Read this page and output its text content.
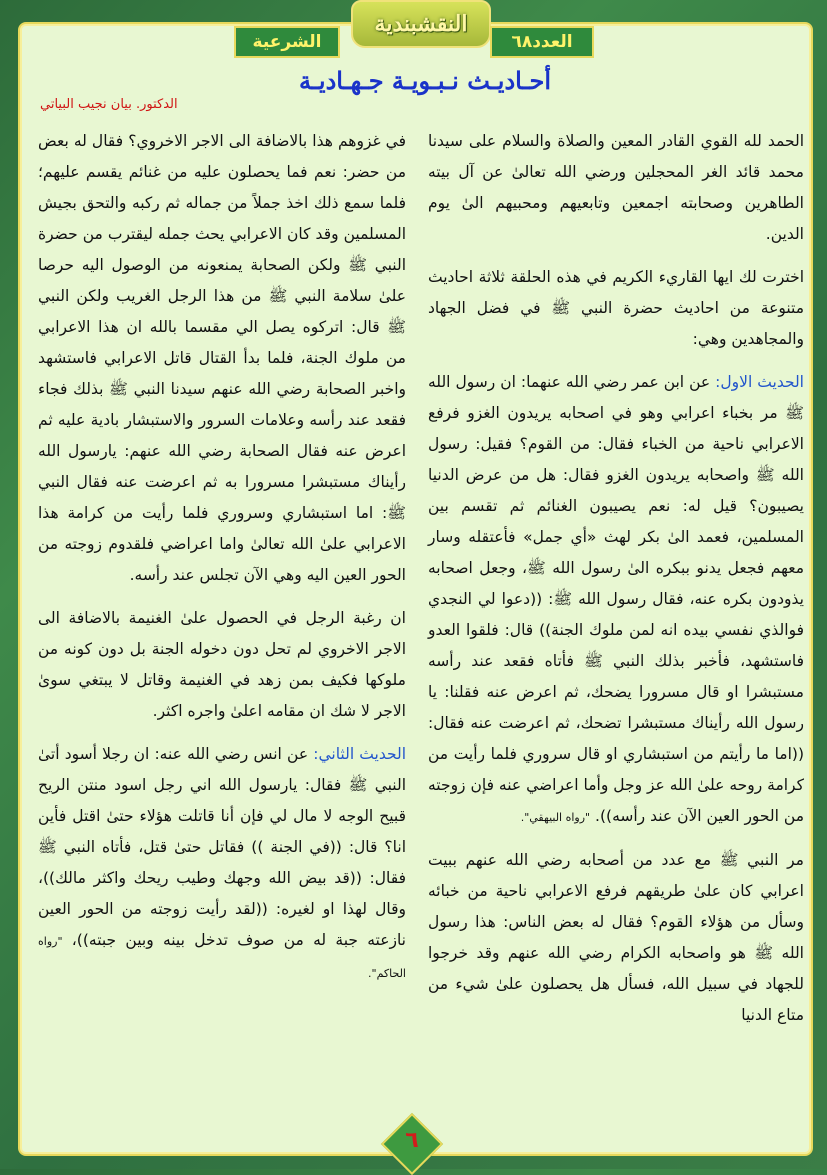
النقشبندية
الشرعية	العدد٦٨
أحـاديـث نـبـويـة جـهـاديـة
الدكتور. بيان نجيب البياتي

الحمد لله القوي القادر المعين والصلاة والسلام على سيدنا محمد قائد الغر المحجلين ورضي الله تعالىٰ عن آل بيته الطاهرين وصحابته اجمعين وتابعيهم ومحبيهم الىٰ يوم الدين.

اخترت لك ايها القاريء الكريم في هذه الحلقة ثلاثة احاديث متنوعة من احاديث حضرة النبي ﷺ في فضل الجهاد والمجاهدين وهي:

الحديث الاول: عن ابن عمر رضي الله عنهما: ان رسول الله ﷺ مر بخباء اعرابي وهو في اصحابه يريدون الغزو فرفع الاعرابي ناحية من الخباء فقال: من القوم؟ فقيل: رسول الله ﷺ واصحابه يريدون الغزو فقال: هل من عرض الدنيا يصيبون؟ قيل له: نعم يصيبون الغنائم ثم تقسم بين المسلمين، فعمد الىٰ بكر لهث «أي جمل» فأعتقله وسار معهم فجعل يدنو ببكره الىٰ رسول الله ﷺ، وجعل اصحابه يذودون بكره عنه، فقال رسول الله ﷺ: ((دعوا لي النجدي فوالذي نفسي بيده انه لمن ملوك الجنة)) قال: فلقوا العدو فاستشهد، فأخبر بذلك النبي ﷺ فأتاه فقعد عند رأسه مستبشرا او قال مسرورا يضحك، ثم اعرض عنه فقلنا: يا رسول الله رأيناك مستبشرا تضحك، ثم اعرضت عنه فقال: ((اما ما رأيتم من استبشاري او قال سروري فلما رأيت من كرامة روحه علىٰ الله عز وجل وأما اعراضي عنه فإن زوجته من الحور العين الآن عند رأسه)). "رواه البيهقي".

مر النبي ﷺ مع عدد من أصحابه رضي الله عنهم ببيت اعرابي كان علىٰ طريقهم فرفع الاعرابي ناحية من خبائه وسأل من هؤلاء القوم؟ فقال له بعض الناس: هذا رسول الله ﷺ هو واصحابه الكرام رضي الله عنهم وقد خرجوا للجهاد في سبيل الله، فسأل هل يحصلون علىٰ شيء من متاع الدنيا

في غزوهم هذا بالاضافة الى الاجر الاخروي؟ فقال له بعض من حضر: نعم فما يحصلون عليه من غنائم يقسم عليهم؛ فلما سمع ذلك اخذ جملاً من جماله ثم ركبه والتحق بجيش المسلمين وقد كان الاعرابي يحث جمله ليقترب من حضرة النبي ﷺ ولكن الصحابة يمنعونه من الوصول اليه حرصا علىٰ سلامة النبي ﷺ من هذا الرجل الغريب ولكن النبي ﷺ قال: اتركوه يصل الي مقسما بالله ان هذا الاعرابي من ملوك الجنة، فلما بدأ القتال قاتل الاعرابي فاستشهد واخبر الصحابة رضي الله عنهم سيدنا النبي ﷺ بذلك فجاء فقعد عند رأسه وعلامات السرور والاستبشار بادية عليه ثم اعرض عنه فقال الصحابة رضي الله عنهم: يارسول الله رأيناك مستبشرا مسرورا به ثم اعرضت عنه فقال النبي ﷺ: اما استبشاري وسروري فلما رأيت من كرامة هذا الاعرابي علىٰ الله تعالىٰ واما اعراضي فلقدوم زوجته من الحور العين اليه وهي الآن تجلس عند رأسه.

ان رغبة الرجل في الحصول علىٰ الغنيمة بالاضافة الى الاجر الاخروي لم تحل دون دخوله الجنة بل دون كونه من ملوكها فكيف بمن زهد في الغنيمة وقاتل لا يبتغي سوىٰ الاجر لا شك ان مقامه اعلىٰ واجره اكثر.

الحديث الثاني: عن انس رضي الله عنه: ان رجلا أسود أتىٰ النبي ﷺ فقال: يارسول الله اني رجل اسود منتن الريح قبيح الوجه لا مال لي فإن أنا قاتلت هؤلاء حتىٰ اقتل فأين انا؟ قال: ((في الجنة )) فقاتل حتىٰ قتل، فأتاه النبي ﷺ فقال: ((قد بيض الله وجهك وطيب ريحك واكثر مالك))، وقال لهذا او لغيره: ((لقد رأيت زوجته من الحور العين نازعته جبة له من صوف تدخل بينه وبين جبته))، "رواه الحاكم".

٦
